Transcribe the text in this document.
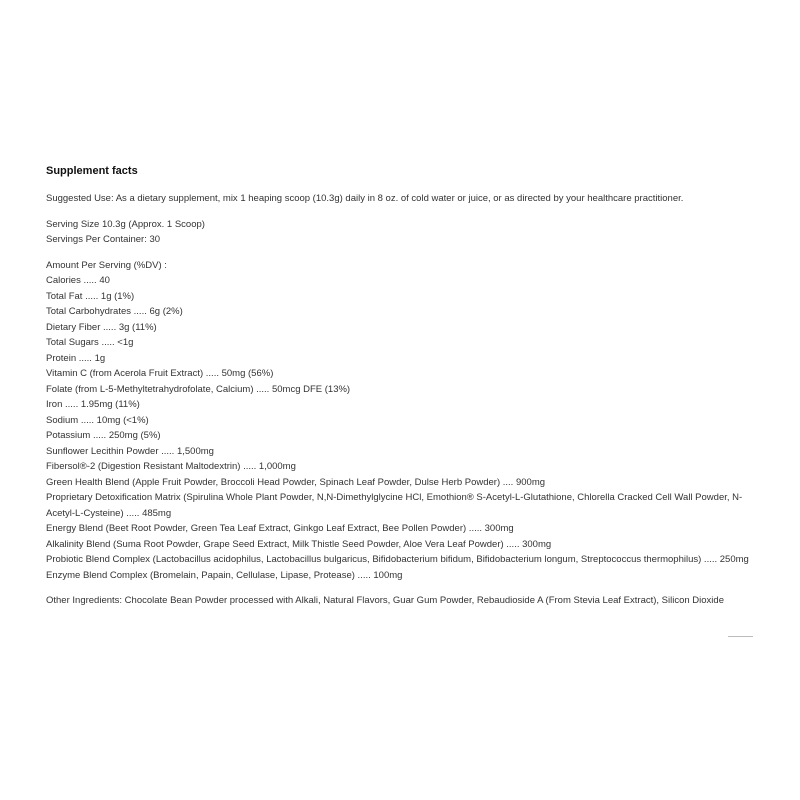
Supplement facts

Suggested Use: As a dietary supplement, mix 1 heaping scoop (10.3g) daily in 8 oz. of cold water or juice, or as directed by your healthcare practitioner.

Serving Size 10.3g (Approx. 1 Scoop)

Servings Per Container: 30

Amount Per Serving (%DV) :

Calories ..... 40

Total Fat ..... 1g (1%)

Total Carbohydrates ..... 6g (2%)

Dietary Fiber ..... 3g (11%)

Total Sugars ..... <1g

Protein ..... 1g

Vitamin C (from Acerola Fruit Extract) ..... 50mg (56%)

Folate (from L-5-Methyltetrahydrofolate, Calcium) ..... 50mcg DFE (13%)

Iron ..... 1.95mg (11%)

Sodium ..... 10mg (<1%)

Potassium ..... 250mg (5%)

Sunflower Lecithin Powder ..... 1,500mg

Fibersol®-2 (Digestion Resistant Maltodextrin) ..... 1,000mg

Green Health Blend (Apple Fruit Powder, Broccoli Head Powder, Spinach Leaf Powder, Dulse Herb Powder) .... 900mg

Proprietary Detoxification Matrix (Spirulina Whole Plant Powder, N,N-Dimethylglycine HCl, Emothion® S-Acetyl-L-Glutathione, Chlorella Cracked Cell Wall Powder, N-Acetyl-L-Cysteine) ..... 485mg

Energy Blend (Beet Root Powder, Green Tea Leaf Extract, Ginkgo Leaf Extract, Bee Pollen Powder) ..... 300mg

Alkalinity Blend (Suma Root Powder, Grape Seed Extract, Milk Thistle Seed Powder, Aloe Vera Leaf Powder) ..... 300mg

Probiotic Blend Complex (Lactobacillus acidophilus, Lactobacillus bulgaricus, Bifidobacterium bifidum, Bifidobacterium longum, Streptococcus thermophilus) ..... 250mg

Enzyme Blend Complex (Bromelain, Papain, Cellulase, Lipase, Protease) ..... 100mg

Other Ingredients: Chocolate Bean Powder processed with Alkali, Natural Flavors, Guar Gum Powder, Rebaudioside A (From Stevia Leaf Extract), Silicon Dioxide
